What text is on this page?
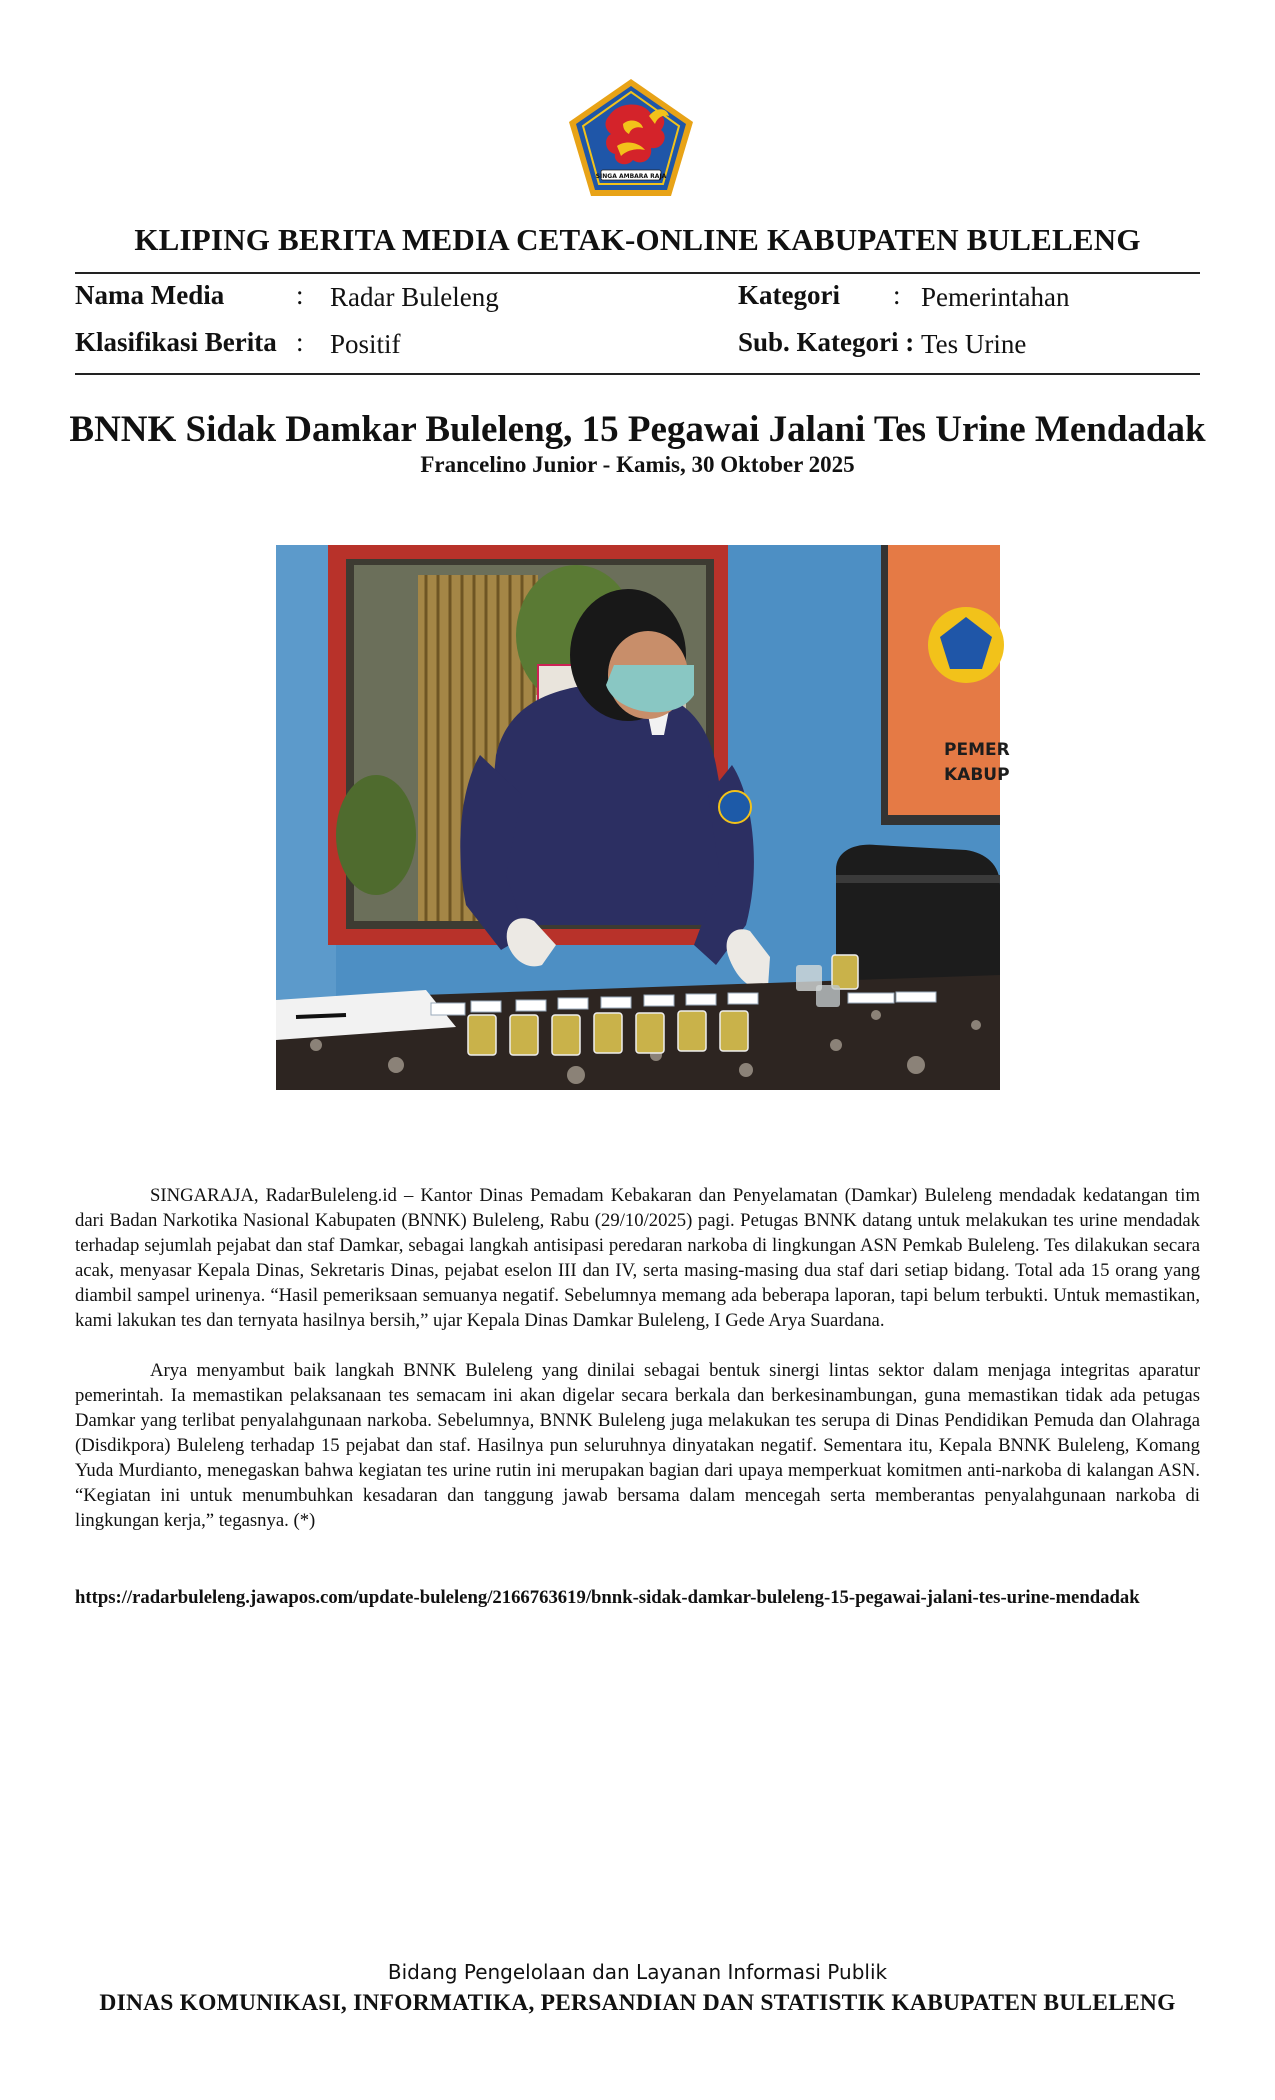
SINGA AMBARA RAJA
KLIPING BERITA MEDIA CETAK-ONLINE KABUPATEN BULELENG
Nama Media	: Radar Buleleng
Klasifikasi Berita : Positif
Kategori : Pemerintahan
Sub. Kategori : Tes Urine
BNNK Sidak Damkar Buleleng, 15 Pegawai Jalani Tes Urine Mendadak
Francelino Junior - Kamis, 30 Oktober 2025
PEMER
KABUP

SINGARAJA, RadarBuleleng.id – Kantor Dinas Pemadam Kebakaran dan Penyelamatan (Damkar) Buleleng mendadak kedatangan tim dari Badan Narkotika Nasional Kabupaten (BNNK) Buleleng, Rabu (29/10/2025) pagi. Petugas BNNK datang untuk melakukan tes urine mendadak terhadap sejumlah pejabat dan staf Damkar, sebagai langkah antisipasi peredaran narkoba di lingkungan ASN Pemkab Buleleng. Tes dilakukan secara acak, menyasar Kepala Dinas, Sekretaris Dinas, pejabat eselon III dan IV, serta masing-masing dua staf dari setiap bidang. Total ada 15 orang yang diambil sampel urinenya. “Hasil pemeriksaan semuanya negatif. Sebelumnya memang ada beberapa laporan, tapi belum terbukti. Untuk memastikan, kami lakukan tes dan ternyata hasilnya bersih,” ujar Kepala Dinas Damkar Buleleng, I Gede Arya Suardana.

Arya menyambut baik langkah BNNK Buleleng yang dinilai sebagai bentuk sinergi lintas sektor dalam menjaga integritas aparatur pemerintah. Ia memastikan pelaksanaan tes semacam ini akan digelar secara berkala dan berkesinambungan, guna memastikan tidak ada petugas Damkar yang terlibat penyalahgunaan narkoba. Sebelumnya, BNNK Buleleng juga melakukan tes serupa di Dinas Pendidikan Pemuda dan Olahraga (Disdikpora) Buleleng terhadap 15 pejabat dan staf. Hasilnya pun seluruhnya dinyatakan negatif. Sementara itu, Kepala BNNK Buleleng, Komang Yuda Murdianto, menegaskan bahwa kegiatan tes urine rutin ini merupakan bagian dari upaya memperkuat komitmen anti-narkoba di kalangan ASN. “Kegiatan ini untuk menumbuhkan kesadaran dan tanggung jawab bersama dalam mencegah serta memberantas penyalahgunaan narkoba di lingkungan kerja,” tegasnya. (*)

https://radarbuleleng.jawapos.com/update-buleleng/2166763619/bnnk-sidak-damkar-buleleng-15-pegawai-jalani-tes-urine-mendadak
Bidang Pengelolaan dan Layanan Informasi Publik
DINAS KOMUNIKASI, INFORMATIKA, PERSANDIAN DAN STATISTIK KABUPATEN BULELENG
